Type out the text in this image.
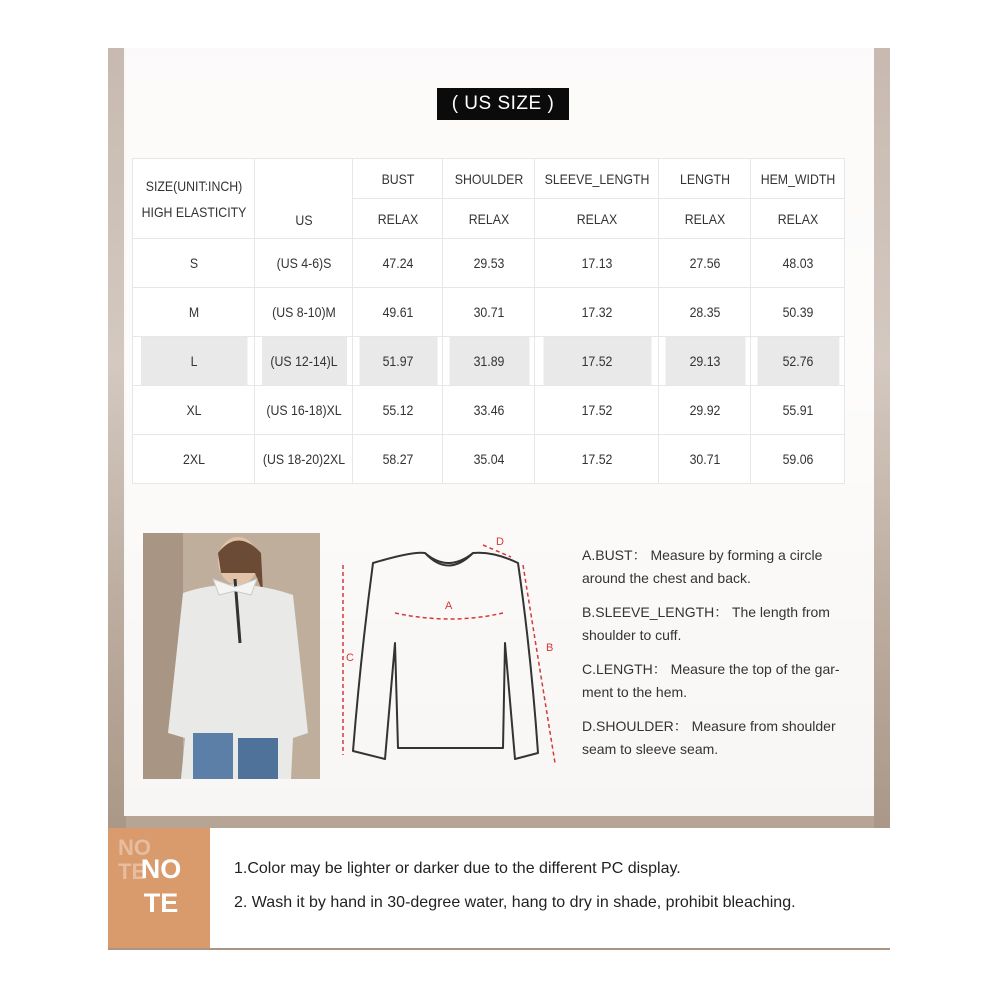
( US SIZE )
SIZE(UNIT:INCH)
HIGH ELASTICITY	US	BUST	SHOULDER	SLEEVE_LENGTH	LENGTH	HEM_WIDTH
		RELAX	RELAX	RELAX	RELAX	RELAX
S	(US 4-6)S	47.24	29.53	17.13	27.56	48.03
M	(US 8-10)M	49.61	30.71	17.32	28.35	50.39
L	(US 12-14)L	51.97	31.89	17.52	29.13	52.76
XL	(US 16-18)XL	55.12	33.46	17.52	29.92	55.91
2XL	(US 18-20)2XL	58.27	35.04	17.52	30.71	59.06
A
B
C
D
A.BUST： Measure by forming a circle
around the chest and back.
B.SLEEVE_LENGTH： The length from
shoulder to cuff.
C.LENGTH： Measure the top of the gar-
ment to the hem.
D.SHOULDER： Measure from shoulder
seam to sleeve seam.
NO
TE
NO
TE
1.Color may be lighter or darker due to the different PC display.
2. Wash it by hand in 30-degree water, hang to dry in shade, prohibit bleaching.
